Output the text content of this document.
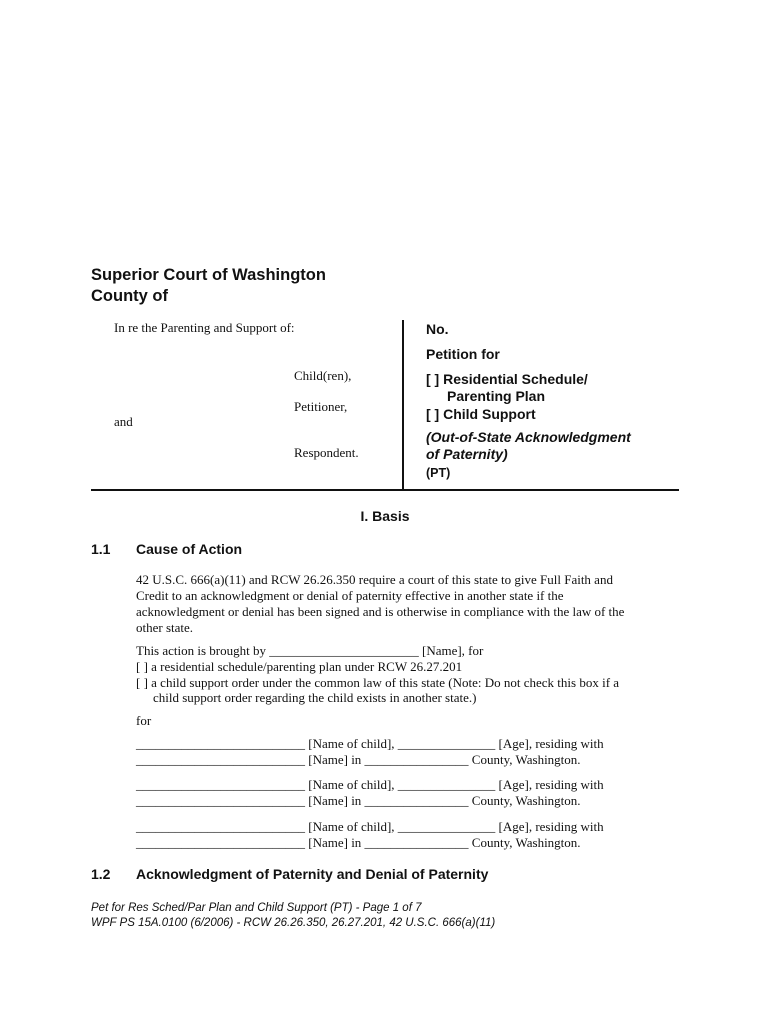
Superior Court of Washington
County of
In re the Parenting and Support of:
Child(ren),
Petitioner,
and
Respondent.
No.
Petition for
[ ] Residential Schedule/
Parenting Plan
[ ] Child Support
(Out-of-State Acknowledgment
of Paternity)
(PT)
I. Basis
1.1 Cause of Action
42 U.S.C. 666(a)(11) and RCW 26.26.350 require a court of this state to give Full Faith and
Credit to an acknowledgment or denial of paternity effective in another state if the
acknowledgment or denial has been signed and is otherwise in compliance with the law of the
other state.
This action is brought by _______________________ [Name], for
[ ] a residential schedule/parenting plan under RCW 26.27.201
[ ] a child support order under the common law of this state (Note: Do not check this box if a
child support order regarding the child exists in another state.)
for
__________________________ [Name of child], _______________ [Age], residing with
__________________________ [Name] in ________________ County, Washington.
__________________________ [Name of child], _______________ [Age], residing with
__________________________ [Name] in ________________ County, Washington.
__________________________ [Name of child], _______________ [Age], residing with
__________________________ [Name] in ________________ County, Washington.
1.2 Acknowledgment of Paternity and Denial of Paternity
Pet for Res Sched/Par Plan and Child Support (PT) - Page 1 of 7
WPF PS 15A.0100 (6/2006) - RCW 26.26.350, 26.27.201, 42 U.S.C. 666(a)(11)
